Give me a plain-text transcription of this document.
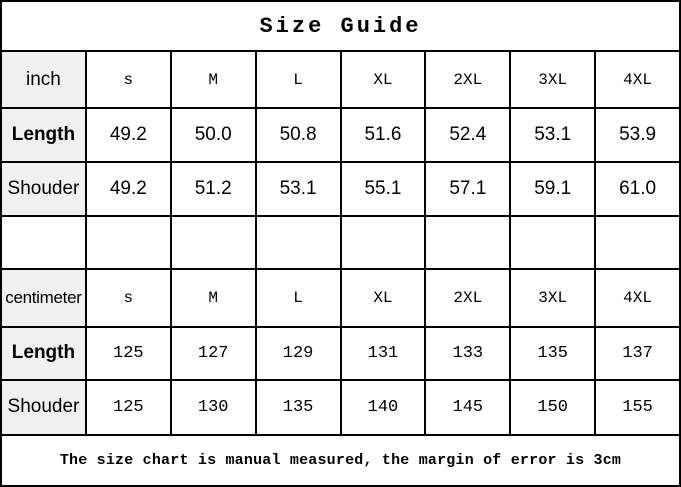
Size Guide							
inch	s	M	L	XL	2XL	3XL	4XL
Length	49.2	50.0	50.8	51.6	52.4	53.1	53.9
Shouder	49.2	51.2	53.1	55.1	57.1	59.1	61.0

centimeter	s	M	L	XL	2XL	3XL	4XL
Length	125	127	129	131	133	135	137
Shouder	125	130	135	140	145	150	155
The size chart is manual measured, the margin of error is 3cm							
